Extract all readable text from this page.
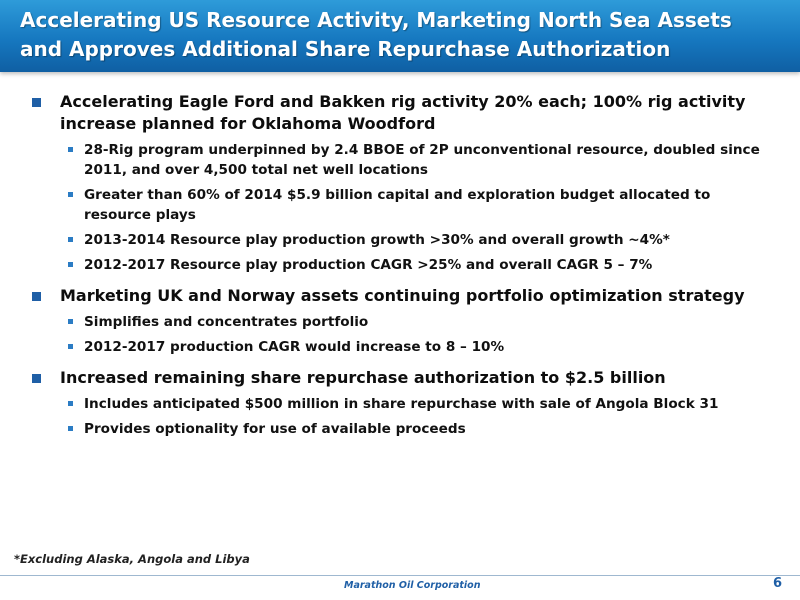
Accelerating US Resource Activity, Marketing North Sea Assets and Approves Additional Share Repurchase Authorization
Accelerating Eagle Ford and Bakken rig activity 20% each; 100% rig activity increase planned for Oklahoma Woodford
28-Rig program underpinned by 2.4 BBOE of 2P unconventional resource, doubled since 2011, and over 4,500 total net well locations
Greater than 60% of 2014 $5.9 billion capital and exploration budget allocated to resource plays
2013-2014 Resource play production growth >30% and overall growth ~4%*
2012-2017 Resource play production CAGR >25% and overall CAGR 5 – 7%
Marketing UK and Norway assets continuing portfolio optimization strategy
Simplifies and concentrates portfolio
2012-2017 production CAGR would increase to 8 – 10%
Increased remaining share repurchase authorization to $2.5 billion
Includes anticipated $500 million in share repurchase with sale of Angola Block 31
Provides optionality for use of available proceeds
*Excluding Alaska, Angola and Libya
Marathon Oil Corporation	6
